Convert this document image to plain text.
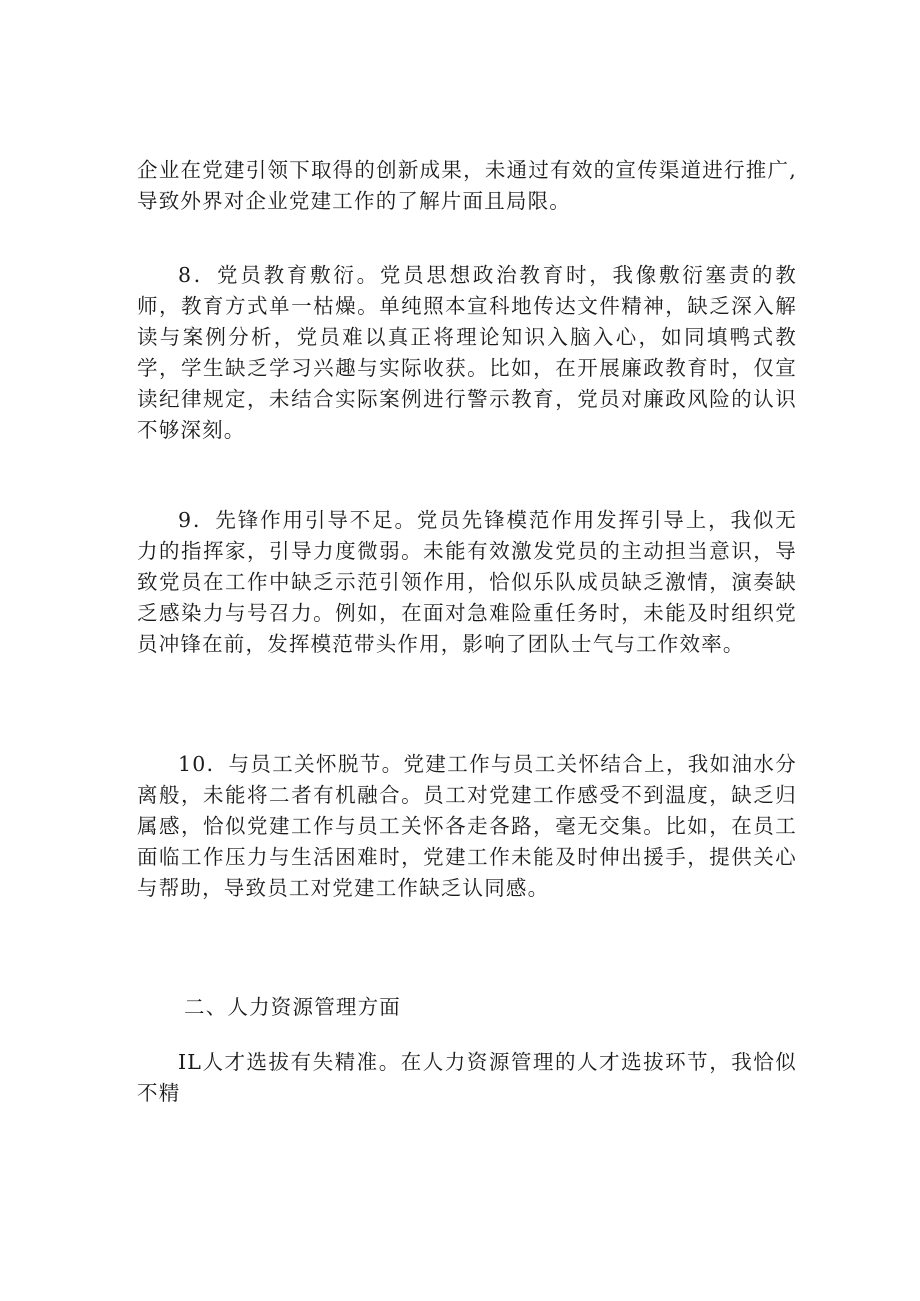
企业在党建引领下取得的创新成果，未通过有效的宣传渠道进行推广,导致外界对企业党建工作的了解片面且局限。

8．党员教育敷衍。党员思想政治教育时，我像敷衍塞责的教师，教育方式单一枯燥。单纯照本宣科地传达文件精神，缺乏深入解读与案例分析，党员难以真正将理论知识入脑入心，如同填鸭式教学，学生缺乏学习兴趣与实际收获。比如，在开展廉政教育时，仅宣读纪律规定，未结合实际案例进行警示教育，党员对廉政风险的认识不够深刻。

9．先锋作用引导不足。党员先锋模范作用发挥引导上，我似无力的指挥家，引导力度微弱。未能有效激发党员的主动担当意识，导致党员在工作中缺乏示范引领作用，恰似乐队成员缺乏激情，演奏缺乏感染力与号召力。例如，在面对急难险重任务时，未能及时组织党员冲锋在前，发挥模范带头作用，影响了团队士气与工作效率。

10．与员工关怀脱节。党建工作与员工关怀结合上，我如油水分离般，未能将二者有机融合。员工对党建工作感受不到温度，缺乏归属感，恰似党建工作与员工关怀各走各路，毫无交集。比如，在员工面临工作压力与生活困难时，党建工作未能及时伸出援手，提供关心与帮助，导致员工对党建工作缺乏认同感。

二、人力资源管理方面

IL人才选拔有失精准。在人力资源管理的人才选拔环节，我恰似不精
